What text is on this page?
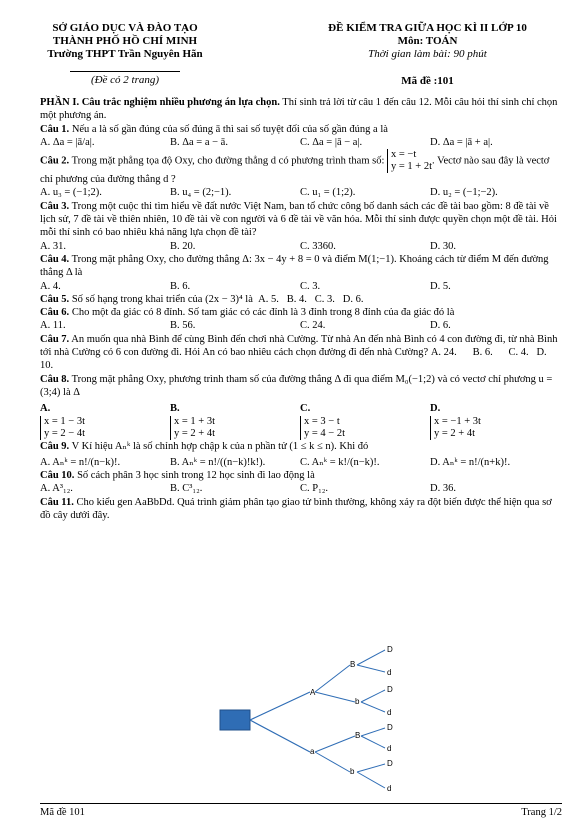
SỞ GIÁO DỤC VÀ ĐÀO TẠO
THÀNH PHỐ HỒ CHÍ MINH
Trường THPT Trần Nguyên Hãn
(Đề có 2 trang)
ĐỀ KIỂM TRA GIỮA HỌC KÌ II LỚP 10
Môn: TOÁN
Thời gian làm bài: 90 phút
Mã đề :101

PHẦN I. Câu trắc nghiệm nhiều phương án lựa chọn. Thí sinh trả lời từ câu 1 đến câu 12. Mỗi câu hỏi thí sinh chỉ chọn một phương án.

Câu 1. Nếu a là số gần đúng của số đúng ā thì sai số tuyệt đối của số gần đúng a là

A. Δa = |ā/a|.	B. Δa = a − ā.	C. Δa = |ā − a|.	D. Δa = |ā + a|.

Câu 2. Trong mặt phẳng tọa độ Oxy, cho đường thẳng d có phương trình tham số: x = −t
y = 1 + 2t. Vectơ nào sau đây là vectơ chỉ phương của đường thẳng d ?

A. u₃ = (−1;2).	B. u₄ = (2;−1).	C. u₁ = (1;2).	D. u₂ = (−1;−2).

Câu 3. Trong một cuộc thi tìm hiểu về đất nước Việt Nam, ban tổ chức công bố danh sách các đề tài bao gồm: 8 đề tài về lịch sử, 7 đề tài về thiên nhiên, 10 đề tài về con người và 6 đề tài về văn hóa. Mỗi thí sinh được quyền chọn một đề tài. Hỏi mỗi thí sinh có bao nhiêu khả năng lựa chọn đề tài?

A. 31.	B. 20.	C. 3360.	D. 30.

Câu 4. Trong mặt phẳng Oxy, cho đường thẳng Δ: 3x − 4y + 8 = 0 và điểm M(1;−1). Khoảng cách từ điểm M đến đường thẳng Δ là

A. 4.	B. 6.	C. 3.	D. 5.

Câu 5. Số số hạng trong khai triển của (2x − 3)⁴ là A. 5. B. 4. C. 3. D. 6.

Câu 6. Cho một đa giác có 8 đỉnh. Số tam giác có các đỉnh là 3 đỉnh trong 8 đỉnh của đa giác đó là

A. 11.	B. 56.	C. 24.	D. 6.

Câu 7. An muốn qua nhà Bình để cùng Bình đến chơi nhà Cường. Từ nhà An đến nhà Bình có 4 con đường đi, từ nhà Bình tới nhà Cường có 6 con đường đi. Hỏi An có bao nhiêu cách chọn đường đi đến nhà Cường? A. 24. B. 6. C. 4. D. 10.

Câu 8. Trong mặt phẳng Oxy, phương trình tham số của đường thẳng Δ đi qua điểm M₀(−1;2) và có vectơ chỉ phương u = (3;4) là Δ

A. x = 1 − 3t
y = 2 − 4t
B. x = 1 + 3t
y = 2 + 4t
C. x = 3 − t
y = 4 − 2t
D. x = −1 + 3t
y = 2 + 4t

Câu 9. V Kí hiệu Aₙᵏ là số chỉnh hợp chập k của n phần tử (1 ≤ k ≤ n). Khi đó

A. Aₙᵏ = n!/(n−k)!.	B. Aₙᵏ = n!/((n−k)!k!).	C. Aₙᵏ = k!/(n−k)!.	D. Aₙᵏ = n!/(n+k)!.

Câu 10. Số cách phân 3 học sinh trong 12 học sinh đi lao động là

A. A³₁₂.	B. C³₁₂.	C. P₁₂.	D. 36.

Câu 11. Cho kiểu gen AaBbDd. Quá trình giảm phân tạo giao tử bình thường, không xảy ra đột biến được thể hiện qua sơ đồ cây dưới đây.

A
a
B
b
B
b
D
d
D
d
D
d
D
d
Mã đề 101	Trang 1/2
